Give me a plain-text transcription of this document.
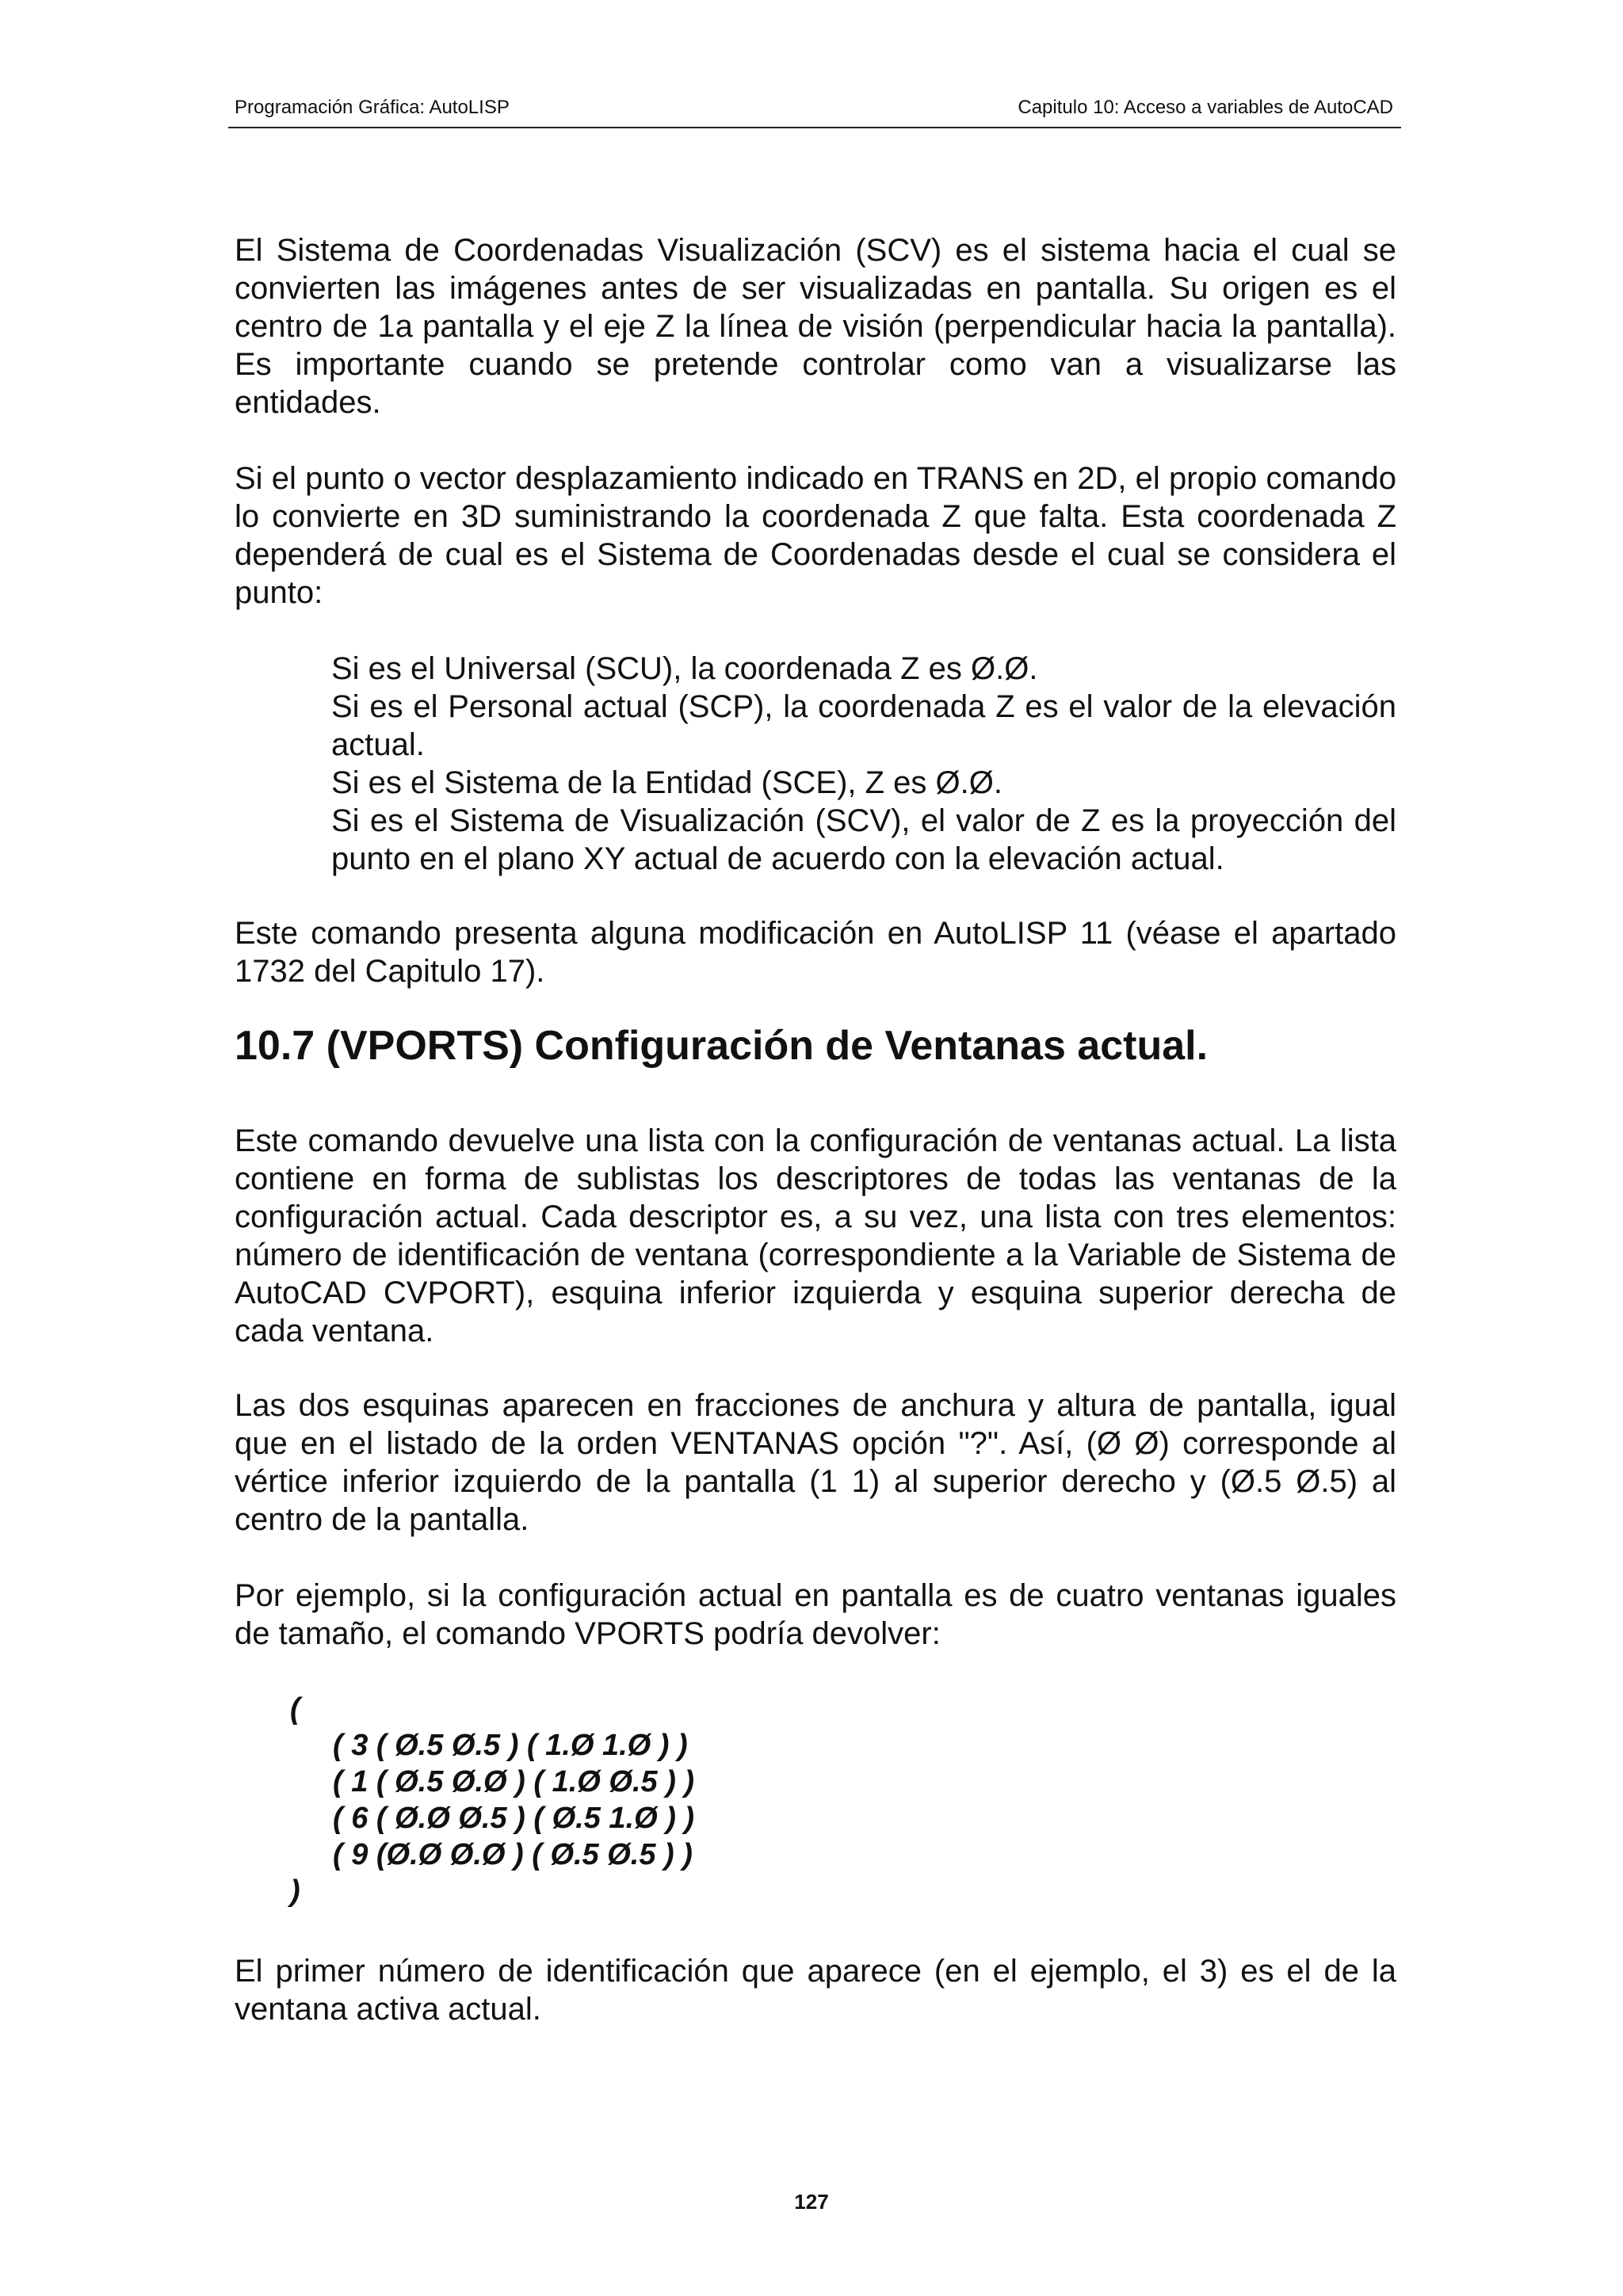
Programación Gráfica: AutoLISP	Capitulo 10: Acceso a variables de AutoCAD

El Sistema de Coordenadas Visualización (SCV) es el sistema hacia el cual se convierten las imágenes antes de ser visualizadas en pantalla. Su origen es el centro de 1a pantalla y el eje Z la línea de visión (perpendicular hacia la pantalla). Es importante cuando se pretende controlar como van a visualizarse las entidades.

Si el punto o vector desplazamiento indicado en TRANS en 2D, el propio comando lo convierte en 3D suministrando la coordenada Z que falta. Esta coordenada Z dependerá de cual es el Sistema de Coordenadas desde el cual se considera el punto:

Si es el Universal (SCU), la coordenada Z es Ø.Ø.
Si es el Personal actual (SCP), la coordenada Z es el valor de la elevación actual.
Si es el Sistema de la Entidad (SCE), Z es Ø.Ø.
Si es el Sistema de Visualización (SCV), el valor de Z es la proyección del punto en el plano XY actual de acuerdo con la elevación actual.

Este comando presenta alguna modificación en AutoLISP 11 (véase el apartado 1732 del Capitulo 17).

10.7 (VPORTS) Configuración de Ventanas actual.

Este comando devuelve una lista con la configuración de ventanas actual. La lista contiene en forma de sublistas los descriptores de todas las ventanas de la configuración actual. Cada descriptor es, a su vez, una lista con tres elementos: número de identificación de ventana (correspondiente a la Variable de Sistema de AutoCAD CVPORT), esquina inferior izquierda y esquina superior derecha de cada ventana.

Las dos esquinas aparecen en fracciones de anchura y altura de pantalla, igual que en el listado de la orden VENTANAS opción "?". Así, (Ø Ø) corresponde al vértice inferior izquierdo de la pantalla (1 1) al superior derecho y (Ø.5 Ø.5) al centro de la pantalla.

Por ejemplo, si la configuración actual en pantalla es de cuatro ventanas iguales de tamaño, el comando VPORTS podría devolver:

(
( 3 ( Ø.5 Ø.5 ) ( 1.Ø 1.Ø ) )
( 1 ( Ø.5 Ø.Ø ) ( 1.Ø Ø.5 ) )
( 6 ( Ø.Ø Ø.5 ) ( Ø.5 1.Ø ) )
( 9 (Ø.Ø Ø.Ø ) ( Ø.5 Ø.5 ) )
)

El primer número de identificación que aparece (en el ejemplo, el 3) es el de la ventana activa actual.

127
